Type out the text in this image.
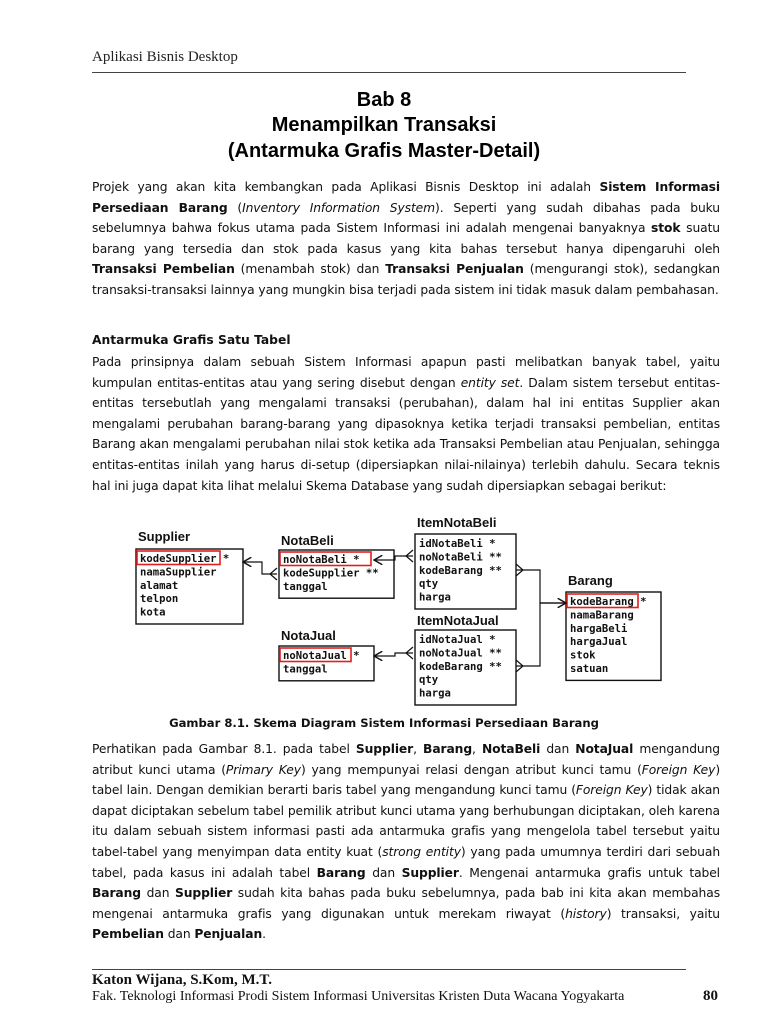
Aplikasi Bisnis Desktop
Bab 8
Menampilkan Transaksi
(Antarmuka Grafis Master-Detail)
Projek yang akan kita kembangkan pada Aplikasi Bisnis Desktop ini adalah Sistem Informasi Persediaan Barang (Inventory Information System). Seperti yang sudah dibahas pada buku sebelumnya bahwa fokus utama pada Sistem Informasi ini adalah mengenai banyaknya stok suatu barang yang tersedia dan stok pada kasus yang kita bahas tersebut hanya dipengaruhi oleh Transaksi Pembelian (menambah stok) dan Transaksi Penjualan (mengurangi stok), sedangkan transaksi-transaksi lainnya yang mungkin bisa terjadi pada sistem ini tidak masuk dalam pembahasan.
Antarmuka Grafis Satu Tabel
Pada prinsipnya dalam sebuah Sistem Informasi apapun pasti melibatkan banyak tabel, yaitu kumpulan entitas-entitas atau yang sering disebut dengan entity set. Dalam sistem tersebut entitas-entitas tersebutlah yang mengalami transaksi (perubahan), dalam hal ini entitas Supplier akan mengalami perubahan barang-barang yang dipasoknya ketika terjadi transaksi pembelian, entitas Barang akan mengalami perubahan nilai stok ketika ada Transaksi Pembelian atau Penjualan, sehingga entitas-entitas inilah yang harus di-setup (dipersiapkan nilai-nilainya) terlebih dahulu. Secara teknis hal ini juga dapat kita lihat melalui Skema Database yang sudah dipersiapkan sebagai berikut:
Supplier
kodeSupplier *
namaSupplier
alamat
telpon
kota
NotaBeli
noNotaBeli *
kodeSupplier **
tanggal
ItemNotaBeli
idNotaBeli *
noNotaBeli **
kodeBarang **
qty
harga
Barang
kodeBarang *
namaBarang
hargaBeli
hargaJual
stok
satuan
NotaJual
noNotaJual *
tanggal
ItemNotaJual
idNotaJual *
noNotaJual **
kodeBarang **
qty
harga
Gambar 8.1. Skema Diagram Sistem Informasi Persediaan Barang
Perhatikan pada Gambar 8.1. pada tabel Supplier, Barang, NotaBeli dan NotaJual mengandung atribut kunci utama (Primary Key) yang mempunyai relasi dengan atribut kunci tamu (Foreign Key) tabel lain. Dengan demikian berarti baris tabel yang mengandung kunci tamu (Foreign Key) tidak akan dapat diciptakan sebelum tabel pemilik atribut kunci utama yang berhubungan diciptakan, oleh karena itu dalam sebuah sistem informasi pasti ada antarmuka grafis yang mengelola tabel tersebut yaitu tabel-tabel yang menyimpan data entity kuat (strong entity) yang pada umumnya terdiri dari sebuah tabel, pada kasus ini adalah tabel Barang dan Supplier. Mengenai antarmuka grafis untuk tabel Barang dan Supplier sudah kita bahas pada buku sebelumnya, pada bab ini kita akan membahas mengenai antarmuka grafis yang digunakan untuk merekam riwayat (history) transaksi, yaitu Pembelian dan Penjualan.
Katon Wijana, S.Kom, M.T.
Fak. Teknologi Informasi Prodi Sistem Informasi Universitas Kristen Duta Wacana Yogyakarta	80
